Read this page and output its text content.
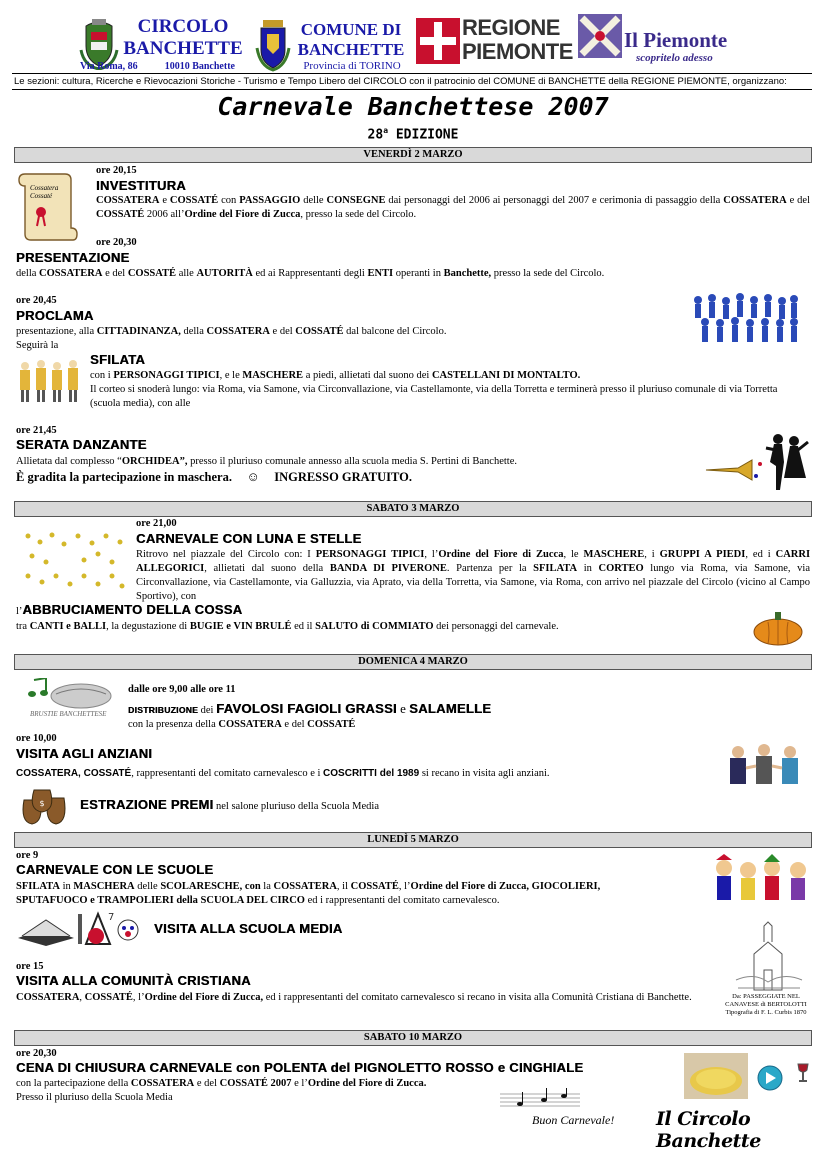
CIRCOLO
BANCHETTE
Via Roma, 86	10010 Banchette
COMUNE DI
BANCHETTE
Provincia di TORINO
REGIONE
PIEMONTE Il Piemonte
scopritelo adesso
Le sezioni: cultura, Ricerche e Rievocazioni Storiche - Turismo e Tempo Libero del CIRCOLO con il patrocinio del COMUNE di BANCHETTE della REGIONE PIEMONTE, organizzano:
Carnevale Banchettese 2007
28$^a$ EDIZIONE
VENERDÌ 2 MARZO
Cossatera Cossaté
ore 20,15
INVESTITURA
COSSATERA e COSSATÉ con PASSAGGIO delle CONSEGNE dai personaggi del 2006 ai personaggi del 2007 e cerimonia di passaggio della COSSATERA e del COSSATÉ 2006 all’Ordine del Fiore di Zucca, presso la sede del Circolo.
ore 20,30
PRESENTAZIONE
della COSSATERA e del COSSATÉ alle AUTORITÀ ed ai Rappresentanti degli ENTI operanti in Banchette, presso la sede del Circolo.
ore 20,45
PROCLAMA
presentazione, alla CITTADINANZA, della COSSATERA e del COSSATÉ dal balcone del Circolo.
Seguirà la
SFILATA
con i PERSONAGGI TIPICI, e le MASCHERE a piedi, allietati dal suono dei CASTELLANI DI MONTALTO.
Il corteo si snoderà lungo: via Roma, via Samone, via Circonvallazione, via Castellamonte, via della Torretta e terminerà presso il pluriuso comunale di via Torretta (scuola media), con alle
ore 21,45
SERATA DANZANTE
Allietata dal complesso “ORCHIDEA”, presso il pluriuso comunale annesso alla scuola media S. Pertini di Banchette.
È gradita la partecipazione in maschera. ☺ INGRESSO GRATUITO.
SABATO 3 MARZO
ore 21,00
CARNEVALE CON LUNA E STELLE
Ritrovo nel piazzale del Circolo con: I PERSONAGGI TIPICI, l’Ordine del Fiore di Zucca, le MASCHERE, i GRUPPI A PIEDI, ed i CARRI ALLEGORICI, allietati dal suono della BANDA DI PIVERONE. Partenza per la SFILATA in CORTEO lungo via Roma, via Samone, via Circonvallazione, via Castellamonte, via Galluzzia, via Aprato, via della Torretta, via Samone, via Roma, con arrivo nel piazzale del Circolo (vicino al Campo Sportivo), con
l’ABBRUCIAMENTO DELLA COSSA
tra CANTI e BALLI, la degustazione di BUGIE e VIN BRULÉ ed il SALUTO di COMMIATO dei personaggi del carnevale.
DOMENICA 4 MARZO
BRUSTIE BANCHETTESE
dalle ore 9,00 alle ore 11
DISTRIBUZIONE dei FAVOLOSI FAGIOLI GRASSI e SALAMELLE
con la presenza della COSSATERA e del COSSATÉ
ore 10,00
VISITA AGLI ANZIANI
COSSATERA, COSSATÉ, rappresentanti del comitato carnevalesco e i COSCRITTI del 1989 si recano in visita agli anziani.
$	ESTRAZIONE PREMI nel salone pluriuso della Scuola Media
LUNEDÌ 5 MARZO
ore 9
CARNEVALE CON LE SCUOLE
SFILATA in MASCHERA delle SCOLARESCHE, con la COSSATERA, il COSSATÉ, l’Ordine del Fiore di Zucca, GIOCOLIERI,
SPUTAFUOCO e TRAMPOLIERI della SCUOLA DEL CIRCO ed i rappresentanti del comitato carnevalesco.
7
VISITA ALLA SCUOLA MEDIA
ore 15
VISITA ALLA COMUNITÀ CRISTIANA
COSSATERA, COSSATÉ, l’Ordine del Fiore di Zucca, ed i rappresentanti del comitato carnevalesco si recano in visita alla Comunità Cristiana di Banchette.	Da: PASSEGGIATE NEL
CANAVESE di BERTOLOTTI
Tipografia di F. L. Curbis 1870
SABATO 10 MARZO
ore 20,30
CENA DI CHIUSURA CARNEVALE con POLENTA del PIGNOLETTO ROSSO e CINGHIALE
con la partecipazione della COSSATERA e del COSSATÉ 2007 e l’Ordine del Fiore di Zucca.
Presso il pluriuso della Scuola Media
Buon Carnevale! Il Circolo Banchette
